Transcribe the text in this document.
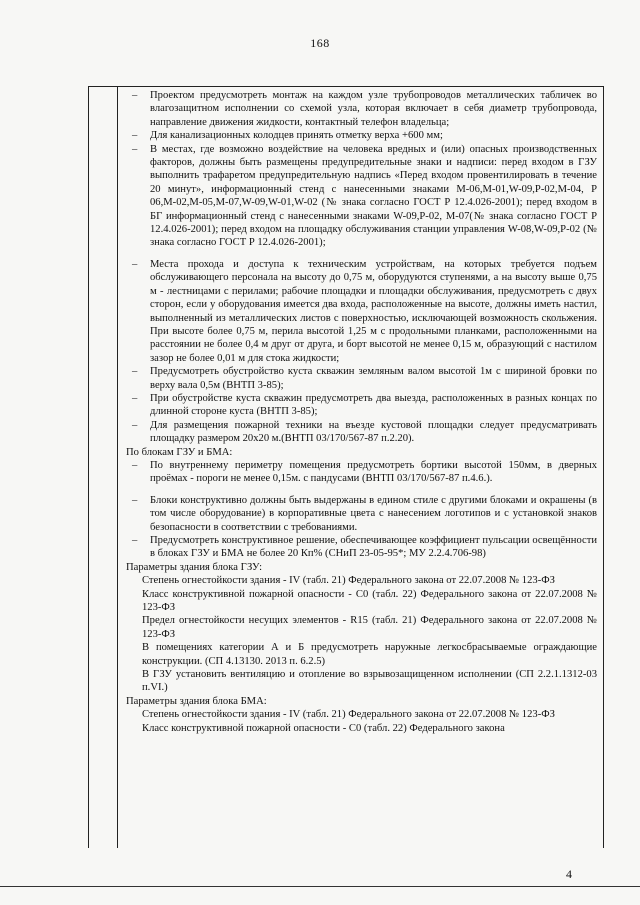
168
– Проектом предусмотреть монтаж на каждом узле трубопроводов металлических табличек во влагозащитном исполнении со схемой узла, которая включает в себя диаметр трубопровода, направление движения жидкости, контактный телефон владельца;
– Для канализационных колодцев принять отметку верха +600 мм;
– В местах, где возможно воздействие на человека вредных и (или) опасных производственных факторов, должны быть размещены предупредительные знаки и надписи: перед входом в ГЗУ выполнить трафаретом предупредительную надпись «Перед входом провентилировать в течение 20 минут», информационный стенд с нанесенными знаками М-06,М-01,W-09,Р-02,М-04, Р 06,М-02,М-05,М-07,W-09,W-01,W-02 (№ знака согласно ГОСТ Р 12.4.026-2001); перед входом в БГ информационный стенд с нанесенными знаками W-09,Р-02, М-07(№ знака согласно ГОСТ Р 12.4.026-2001); перед входом на площадку обслуживания станции управления W-08,W-09,Р-02 (№ знака согласно ГОСТ Р 12.4.026-2001);
– Места прохода и доступа к техническим устройствам, на которых требуется подъем обслуживающего персонала на высоту до 0,75 м, оборудуются ступенями, а на высоту выше 0,75 м - лестницами с перилами; рабочие площадки и площадки обслуживания, предусмотреть с двух сторон, если у оборудования имеется два входа, расположенные на высоте, должны иметь настил, выполненный из металлических листов с поверхностью, исключающей возможность скольжения. При высоте более 0,75 м, перила высотой 1,25 м с продольными планками, расположенными на расстоянии не более 0,4 м друг от друга, и борт высотой не менее 0,15 м, образующий с настилом зазор не более 0,01 м для стока жидкости;
– Предусмотреть обустройство куста скважин земляным валом высотой 1м с шириной бровки по верху вала 0,5м (ВНТП 3-85);
– При обустройстве куста скважин предусмотреть два выезда, расположенных в разных концах по длинной стороне куста (ВНТП 3-85);
– Для размещения пожарной техники на въезде кустовой площадки следует предусматривать площадку размером 20х20 м.(ВНТП 03/170/567-87 п.2.20).
По блокам ГЗУ и БМА:
– По внутреннему периметру помещения предусмотреть бортики высотой 150мм, в дверных проёмах - пороги не менее 0,15м. с пандусами (ВНТП 03/170/567-87 п.4.6.).
– Блоки конструктивно должны быть выдержаны в едином стиле с другими блоками и окрашены (в том числе оборудование) в корпоративные цвета с нанесением логотипов и с установкой знаков безопасности в соответствии с требованиями.
– Предусмотреть конструктивное решение, обеспечивающее коэффициент пульсации освещённости в блоках ГЗУ и БМА не более 20 Кп% (СНиП 23-05-95*; МУ 2.2.4.706-98)
Параметры здания блока ГЗУ:
Степень огнестойкости здания - IV (табл. 21) Федерального закона от 22.07.2008 № 123-ФЗ
Класс конструктивной пожарной опасности - С0 (табл. 22) Федерального закона от 22.07.2008 № 123-ФЗ
Предел огнестойкости несущих элементов - R15 (табл. 21) Федерального закона от 22.07.2008 № 123-ФЗ
В помещениях категории А и Б предусмотреть наружные легкосбрасываемые ограждающие конструкции. (СП 4.13130. 2013 п. 6.2.5)
В ГЗУ установить вентиляцию и отопление во взрывозащищенном исполнении (СП 2.2.1.1312-03 п.VI.)
Параметры здания блока БМА:
Степень огнестойкости здания - IV (табл. 21) Федерального закона от 22.07.2008 № 123-ФЗ
Класс конструктивной пожарной опасности - С0 (табл. 22) Федерального закона
4
